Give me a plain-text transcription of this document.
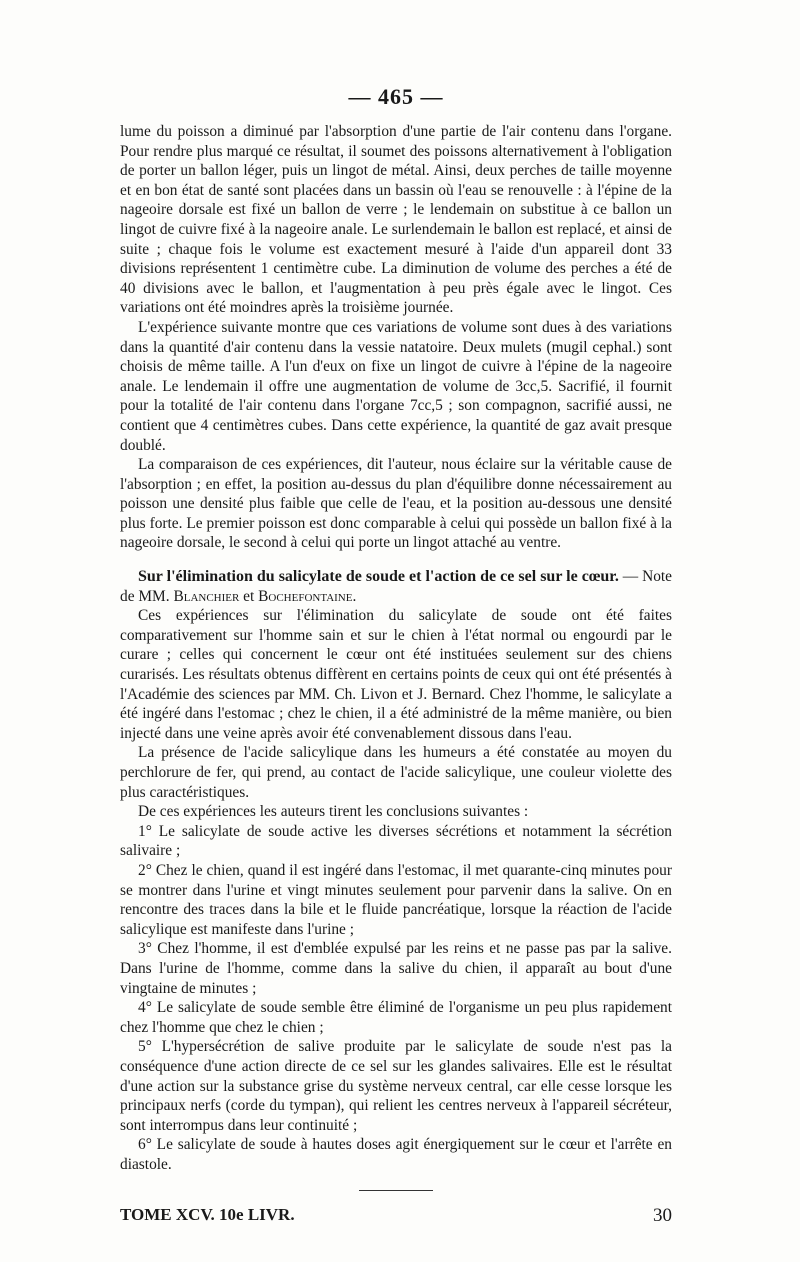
— 465 —

lume du poisson a diminué par l'absorption d'une partie de l'air contenu dans l'organe. Pour rendre plus marqué ce résultat, il soumet des poissons alternativement à l'obligation de porter un ballon léger, puis un lingot de métal. Ainsi, deux perches de taille moyenne et en bon état de santé sont placées dans un bassin où l'eau se renouvelle : à l'épine de la nageoire dorsale est fixé un ballon de verre ; le lendemain on substitue à ce ballon un lingot de cuivre fixé à la nageoire anale. Le surlendemain le ballon est replacé, et ainsi de suite ; chaque fois le volume est exactement mesuré à l'aide d'un appareil dont 33 divisions représentent 1 centimètre cube. La diminution de volume des perches a été de 40 divisions avec le ballon, et l'augmentation à peu près égale avec le lingot. Ces variations ont été moindres après la troisième journée.

L'expérience suivante montre que ces variations de volume sont dues à des variations dans la quantité d'air contenu dans la vessie natatoire. Deux mulets (mugil cephal.) sont choisis de même taille. A l'un d'eux on fixe un lingot de cuivre à l'épine de la nageoire anale. Le lendemain il offre une augmentation de volume de 3cc,5. Sacrifié, il fournit pour la totalité de l'air contenu dans l'organe 7cc,5 ; son compagnon, sacrifié aussi, ne contient que 4 centimètres cubes. Dans cette expérience, la quantité de gaz avait presque doublé.

La comparaison de ces expériences, dit l'auteur, nous éclaire sur la véritable cause de l'absorption ; en effet, la position au-dessus du plan d'équilibre donne nécessairement au poisson une densité plus faible que celle de l'eau, et la position au-dessous une densité plus forte. Le premier poisson est donc comparable à celui qui possède un ballon fixé à la nageoire dorsale, le second à celui qui porte un lingot attaché au ventre.

Sur l'élimination du salicylate de soude et l'action de ce sel sur le cœur. — Note de MM. Blanchier et Bochefontaine.

Ces expériences sur l'élimination du salicylate de soude ont été faites comparativement sur l'homme sain et sur le chien à l'état normal ou engourdi par le curare ; celles qui concernent le cœur ont été instituées seulement sur des chiens curarisés. Les résultats obtenus diffèrent en certains points de ceux qui ont été présentés à l'Académie des sciences par MM. Ch. Livon et J. Bernard. Chez l'homme, le salicylate a été ingéré dans l'estomac ; chez le chien, il a été administré de la même manière, ou bien injecté dans une veine après avoir été convenablement dissous dans l'eau.

La présence de l'acide salicylique dans les humeurs a été constatée au moyen du perchlorure de fer, qui prend, au contact de l'acide salicylique, une couleur violette des plus caractéristiques.

De ces expériences les auteurs tirent les conclusions suivantes :

1° Le salicylate de soude active les diverses sécrétions et notamment la sécrétion salivaire ;

2° Chez le chien, quand il est ingéré dans l'estomac, il met quarante-cinq minutes pour se montrer dans l'urine et vingt minutes seulement pour parvenir dans la salive. On en rencontre des traces dans la bile et le fluide pancréatique, lorsque la réaction de l'acide salicylique est manifeste dans l'urine ;

3° Chez l'homme, il est d'emblée expulsé par les reins et ne passe pas par la salive. Dans l'urine de l'homme, comme dans la salive du chien, il apparaît au bout d'une vingtaine de minutes ;

4° Le salicylate de soude semble être éliminé de l'organisme un peu plus rapidement chez l'homme que chez le chien ;

5° L'hypersécrétion de salive produite par le salicylate de soude n'est pas la conséquence d'une action directe de ce sel sur les glandes salivaires. Elle est le résultat d'une action sur la substance grise du système nerveux central, car elle cesse lorsque les principaux nerfs (corde du tympan), qui relient les centres nerveux à l'appareil sécréteur, sont interrompus dans leur continuité ;

6° Le salicylate de soude à hautes doses agit énergiquement sur le cœur et l'arrête en diastole.

TOME XCV. 10e LIVR.	30
